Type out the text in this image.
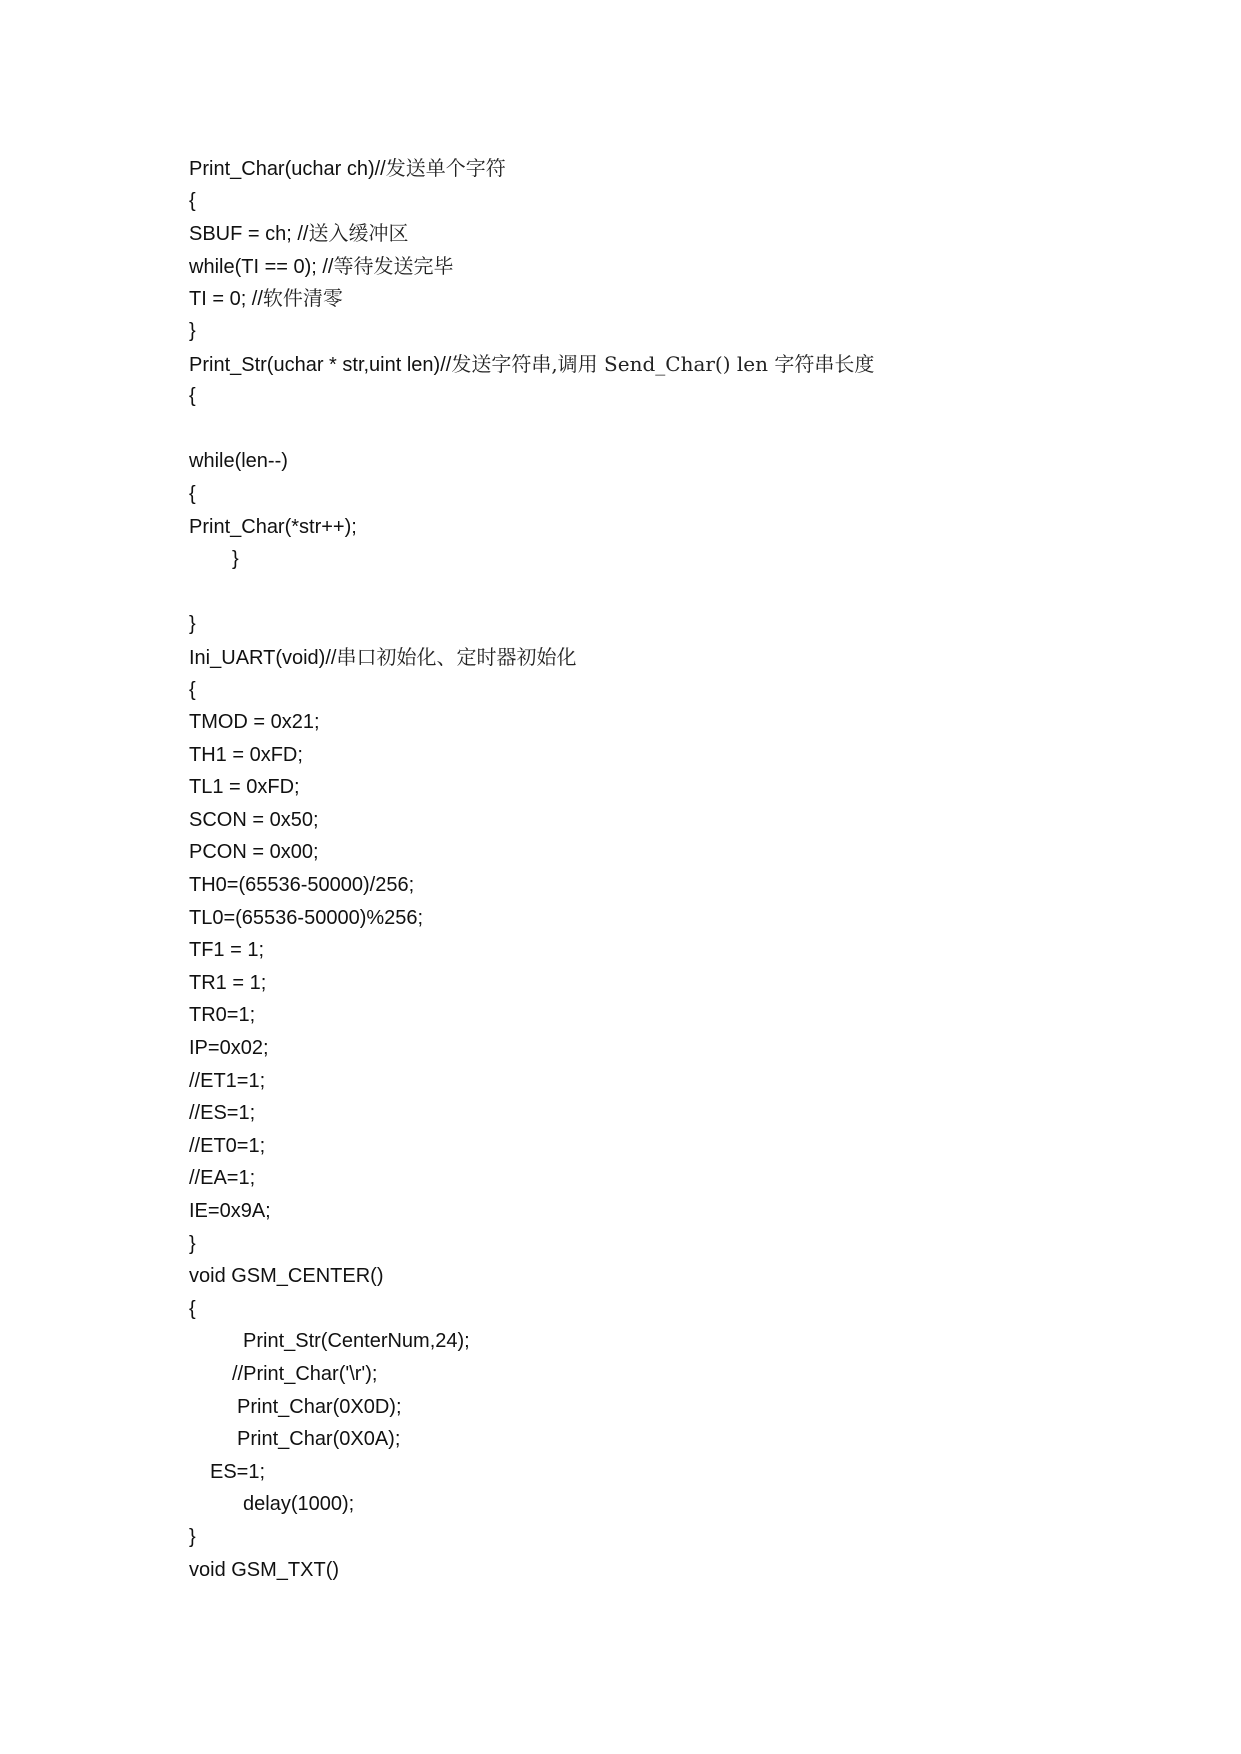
Print_Char(uchar ch)//发送单个字符
{
SBUF = ch; //送入缓冲区
while(TI == 0); //等待发送完毕
TI = 0; //软件清零
}
Print_Str(uchar * str,uint len)//发送字符串,调用 Send_Char() len 字符串长度
{
while(len--)
{
Print_Char(*str++);
}
}
Ini_UART(void)//串口初始化、定时器初始化
{
TMOD = 0x21;
TH1 = 0xFD;
TL1 = 0xFD;
SCON = 0x50;
PCON = 0x00;
TH0=(65536-50000)/256;
TL0=(65536-50000)%256;
TF1 = 1;
TR1 = 1;
TR0=1;
IP=0x02;
//ET1=1;
//ES=1;
//ET0=1;
//EA=1;
IE=0x9A;
}
void GSM_CENTER()
{
Print_Str(CenterNum,24);
//Print_Char('\r');
Print_Char(0X0D);
Print_Char(0X0A);
ES=1;
delay(1000);
}
void GSM_TXT()
